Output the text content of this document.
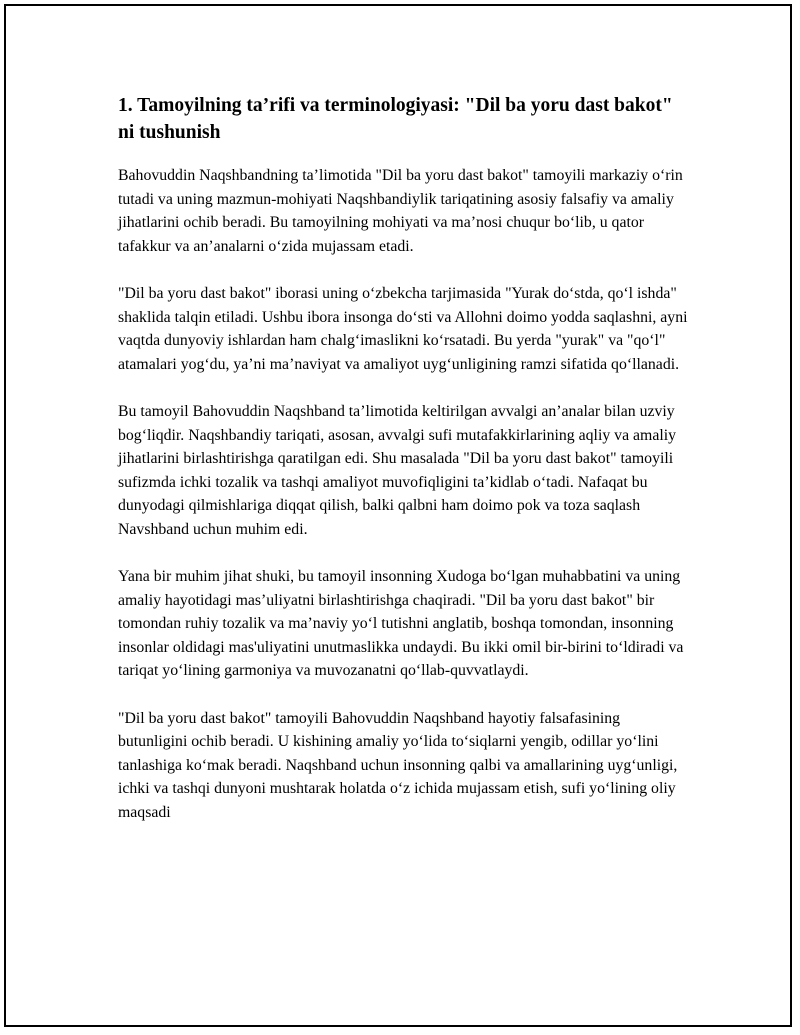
1. Tamoyilning ta’rifi va terminologiyasi: "Dil ba yoru dast bakot" ni tushunish

Bahovuddin Naqshbandning ta’limotida "Dil ba yoru dast bakot" tamoyili markaziy o‘rin tutadi va uning mazmun-mohiyati Naqshbandiylik tariqatining asosiy falsafiy va amaliy jihatlarini ochib beradi. Bu tamoyilning mohiyati va ma’nosi chuqur bo‘lib, u qator tafakkur va an’analarni o‘zida mujassam etadi.

"Dil ba yoru dast bakot" iborasi uning o‘zbekcha tarjimasida "Yurak do‘stda, qo‘l ishda" shaklida talqin etiladi. Ushbu ibora insonga do‘sti va Allohni doimo yodda saqlashni, ayni vaqtda dunyoviy ishlardan ham chalg‘imaslikni ko‘rsatadi. Bu yerda "yurak" va "qo‘l" atamalari yog‘du, ya’ni ma’naviyat va amaliyot uyg‘unligining ramzi sifatida qo‘llanadi.

Bu tamoyil Bahovuddin Naqshband ta’limotida keltirilgan avvalgi an’analar bilan uzviy bog‘liqdir. Naqshbandiy tariqati, asosan, avvalgi sufi mutafakkirlarining aqliy va amaliy jihatlarini birlashtirishga qaratilgan edi. Shu masalada "Dil ba yoru dast bakot" tamoyili sufizmda ichki tozalik va tashqi amaliyot muvofiqligini ta’kidlab o‘tadi. Nafaqat bu dunyodagi qilmishlariga diqqat qilish, balki qalbni ham doimo pok va toza saqlash Navshband uchun muhim edi.

Yana bir muhim jihat shuki, bu tamoyil insonning Xudoga bo‘lgan muhabbatini va uning amaliy hayotidagi mas’uliyatni birlashtirishga chaqiradi. "Dil ba yoru dast bakot" bir tomondan ruhiy tozalik va ma’naviy yo‘l tutishni anglatib, boshqa tomondan, insonning insonlar oldidagi mas'uliyatini unutmaslikka undaydi. Bu ikki omil bir-birini to‘ldiradi va tariqat yo‘lining garmoniya va muvozanatni qo‘llab-quvvatlaydi.

"Dil ba yoru dast bakot" tamoyili Bahovuddin Naqshband hayotiy falsafasining butunligini ochib beradi. U kishining amaliy yo‘lida to‘siqlarni yengib, odillar yo‘lini tanlashiga ko‘mak beradi. Naqshband uchun insonning qalbi va amallarining uyg‘unligi, ichki va tashqi dunyoni mushtarak holatda o‘z ichida mujassam etish, sufi yo‘lining oliy maqsadi
